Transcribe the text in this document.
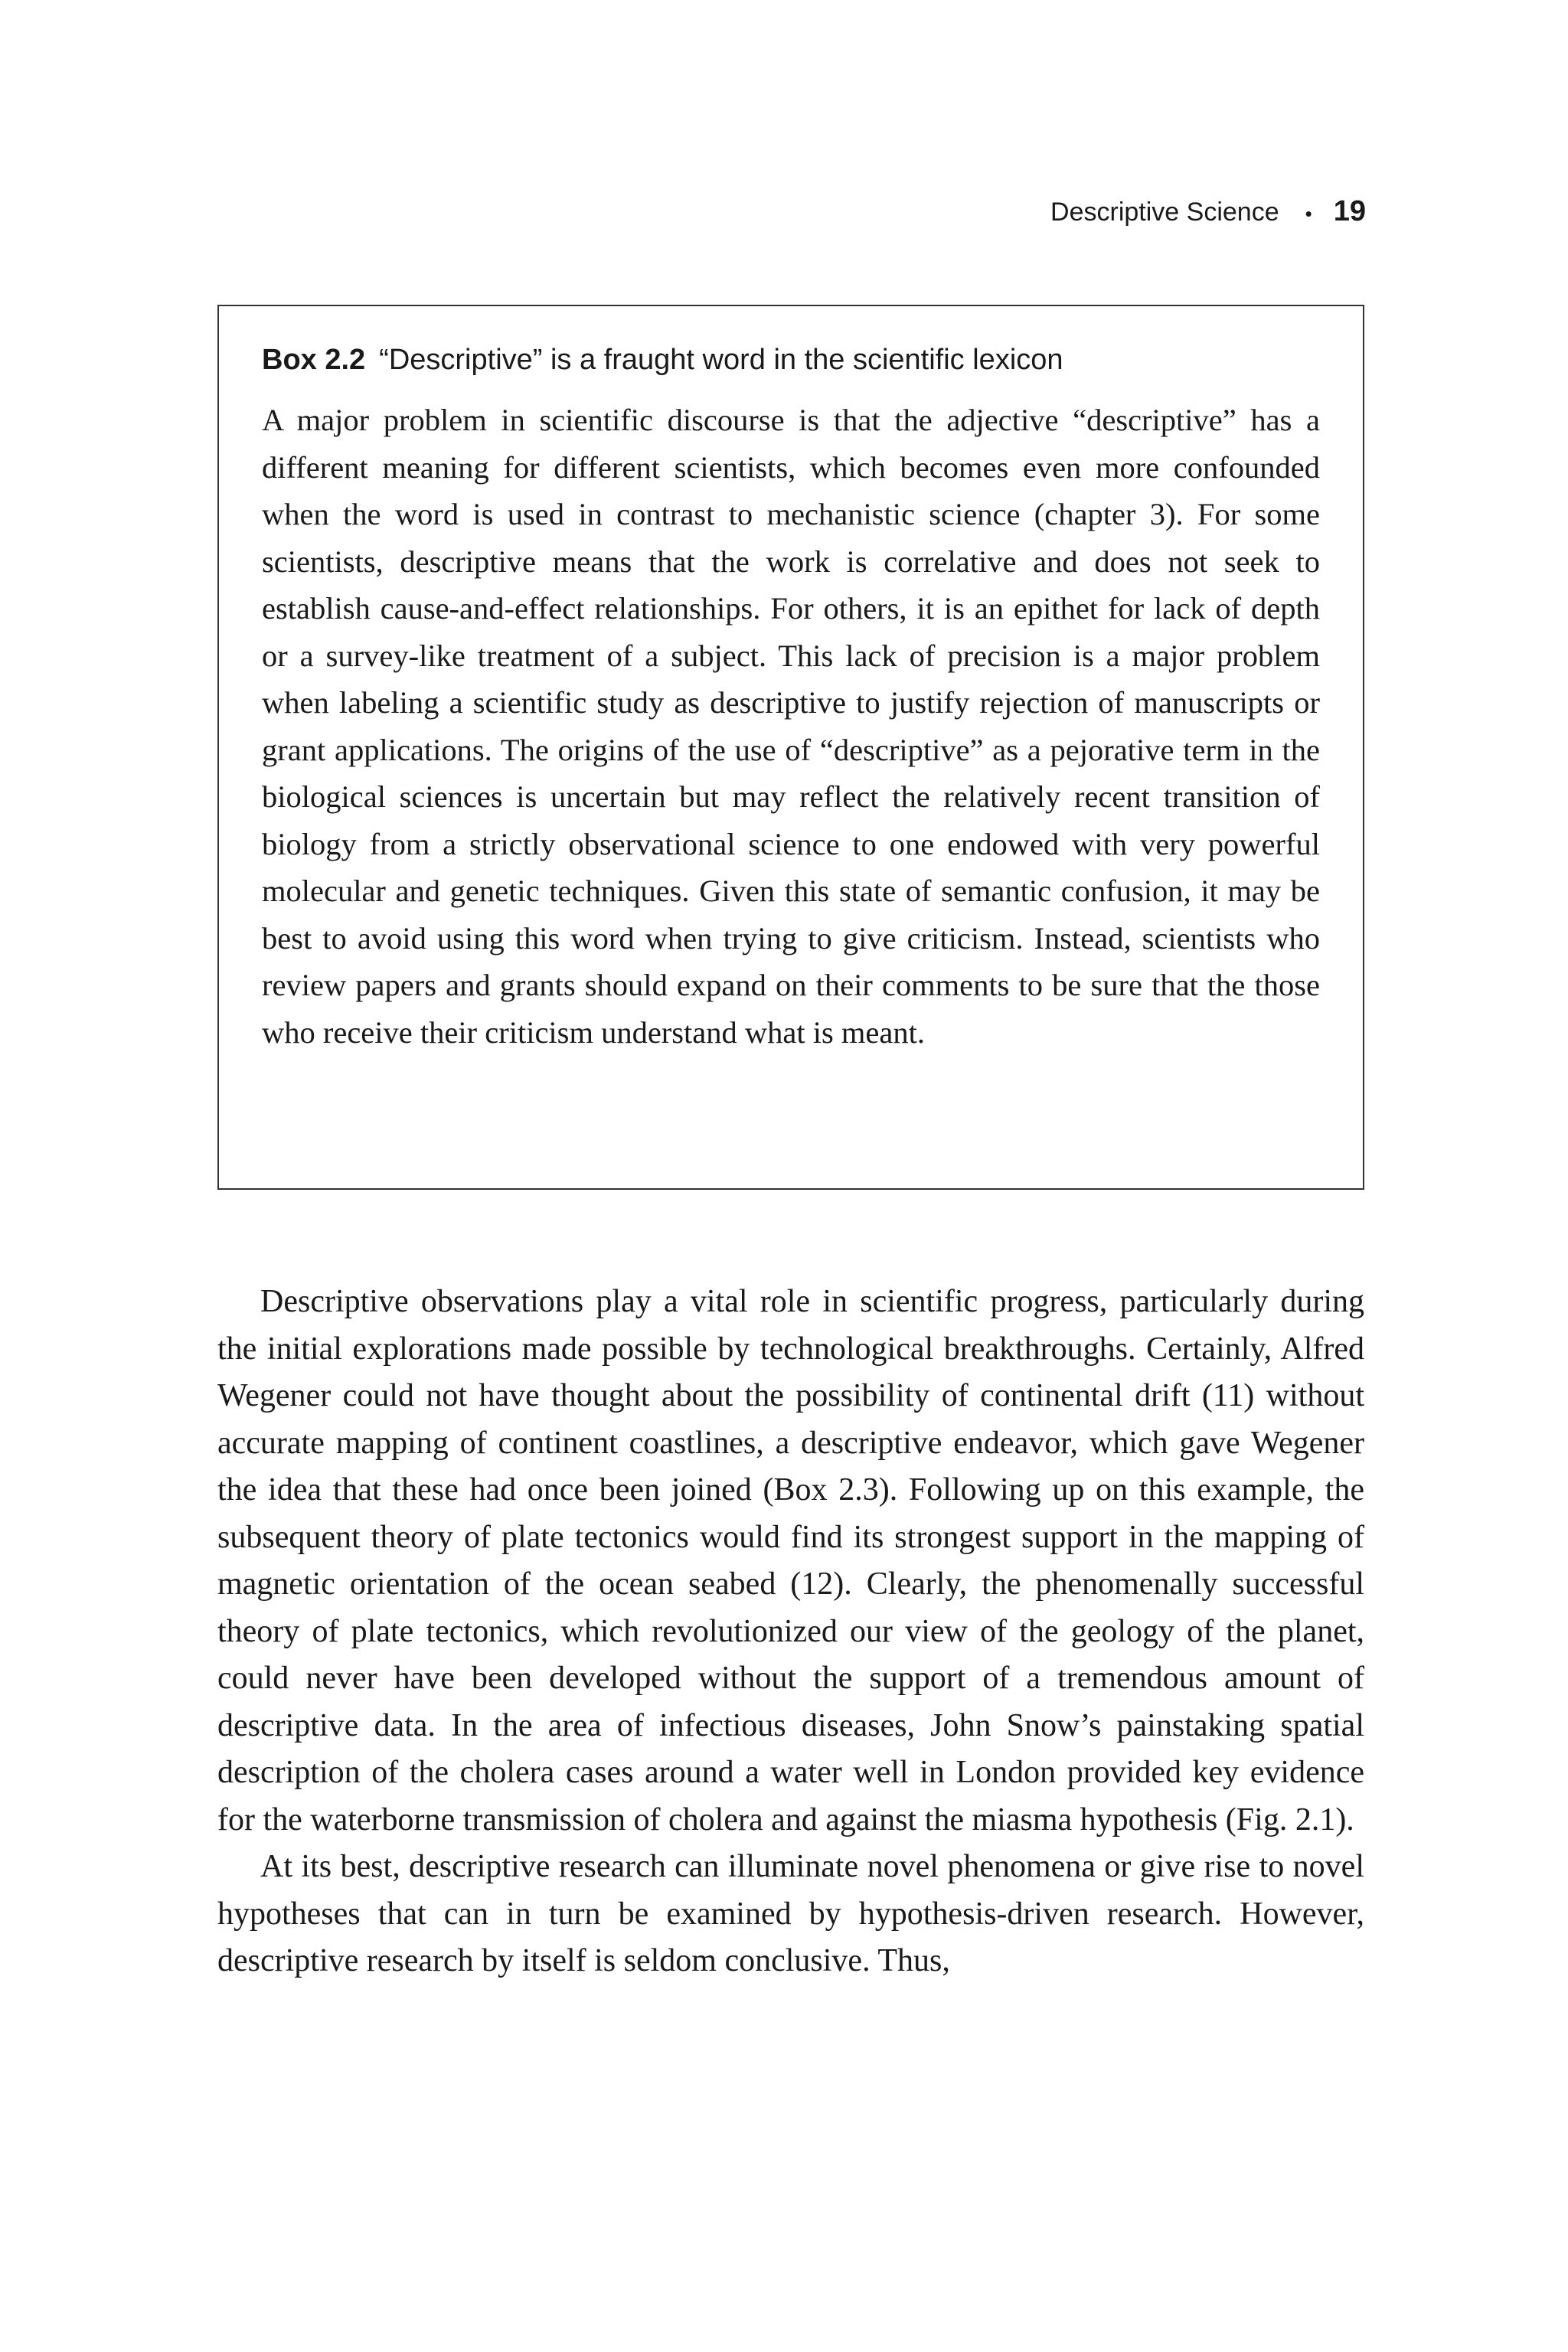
Descriptive Science • 19
Box 2.2 “Descriptive” is a fraught word in the scientific lexicon

A major problem in scientific discourse is that the adjective “descriptive” has a different meaning for different scientists, which becomes even more confounded when the word is used in contrast to mechanistic science (chapter 3). For some scientists, descriptive means that the work is correlative and does not seek to establish cause-and-effect relationships. For others, it is an epithet for lack of depth or a survey-like treatment of a subject. This lack of precision is a major problem when labeling a scientific study as descriptive to justify rejection of manuscripts or grant applications. The origins of the use of “descriptive” as a pejorative term in the biological sciences is uncertain but may reflect the relatively recent transition of biology from a strictly observational science to one endowed with very powerful molecular and genetic techniques. Given this state of semantic confusion, it may be best to avoid using this word when trying to give criticism. Instead, scientists who review papers and grants should expand on their comments to be sure that the those who receive their criticism understand what is meant.

Descriptive observations play a vital role in scientific progress, particularly during the initial explorations made possible by technological breakthroughs. Certainly, Alfred Wegener could not have thought about the possibility of continental drift (11) without accurate mapping of continent coastlines, a descriptive endeavor, which gave Wegener the idea that these had once been joined (Box 2.3). Following up on this example, the subsequent theory of plate tectonics would find its strongest support in the mapping of magnetic orientation of the ocean seabed (12). Clearly, the phenomenally successful theory of plate tectonics, which revolutionized our view of the geology of the planet, could never have been developed without the support of a tremendous amount of descriptive data. In the area of infectious diseases, John Snow’s painstaking spatial description of the cholera cases around a water well in London provided key evidence for the waterborne transmission of cholera and against the miasma hypothesis (Fig. 2.1).

At its best, descriptive research can illuminate novel phenomena or give rise to novel hypotheses that can in turn be examined by hypothesis-driven research. However, descriptive research by itself is seldom conclusive. Thus,
